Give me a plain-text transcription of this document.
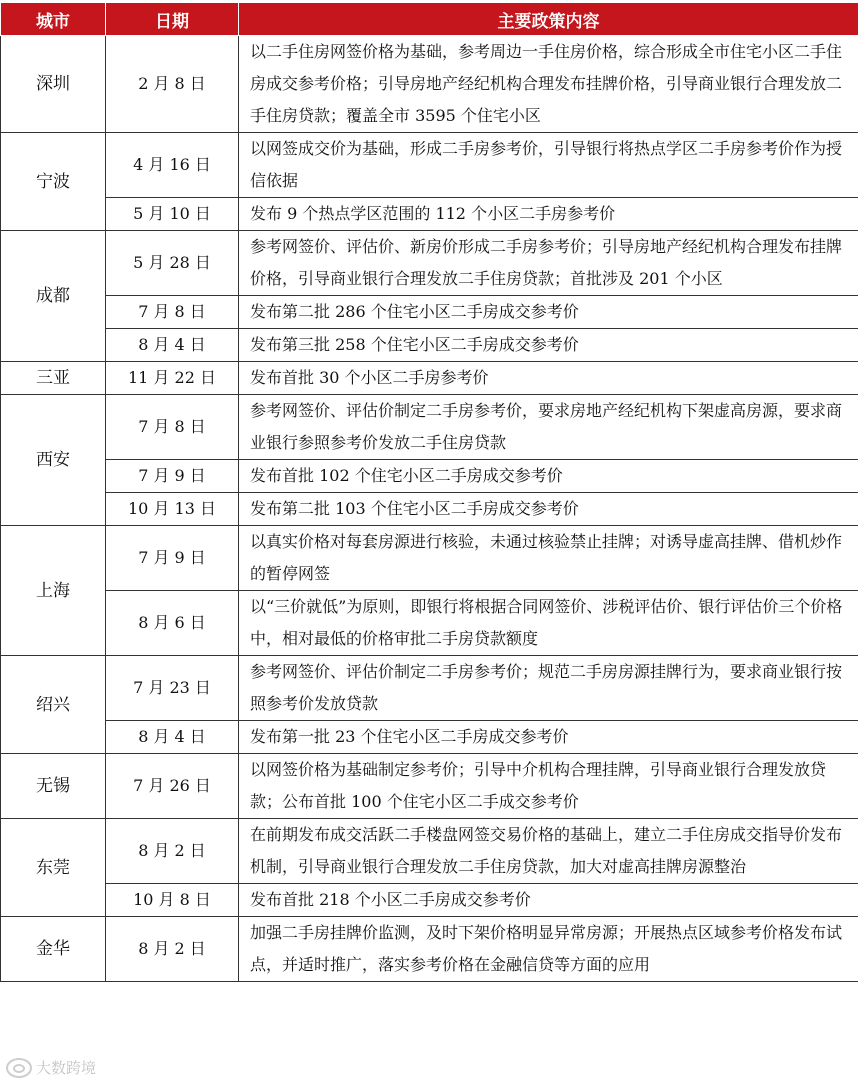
城市	日期	主要政策内容
深圳	2 月 8 日	以二手住房网签价格为基础，参考周边一手住房价格，综合形成全市住宅小区二手住房成交参考价格；引导房地产经纪机构合理发布挂牌价格，引导商业银行合理发放二手住房贷款；覆盖全市 3595 个住宅小区
宁波	4 月 16 日	以网签成交价为基础，形成二手房参考价，引导银行将热点学区二手房参考价作为授信依据
	5 月 10 日	发布 9 个热点学区范围的 112 个小区二手房参考价
成都	5 月 28 日	参考网签价、评估价、新房价形成二手房参考价；引导房地产经纪机构合理发布挂牌价格，引导商业银行合理发放二手住房贷款；首批涉及 201 个小区
	7 月 8 日	发布第二批 286 个住宅小区二手房成交参考价
	8 月 4 日	发布第三批 258 个住宅小区二手房成交参考价
三亚	11 月 22 日	发布首批 30 个小区二手房参考价
西安	7 月 8 日	参考网签价、评估价制定二手房参考价，要求房地产经纪机构下架虚高房源，要求商业银行参照参考价发放二手住房贷款
	7 月 9 日	发布首批 102 个住宅小区二手房成交参考价
	10 月 13 日	发布第二批 103 个住宅小区二手房成交参考价
上海	7 月 9 日	以真实价格对每套房源进行核验，未通过核验禁止挂牌；对诱导虚高挂牌、借机炒作的暂停网签
	8 月 6 日	以“三价就低”为原则，即银行将根据合同网签价、涉税评估价、银行评估价三个价格中，相对最低的价格审批二手房贷款额度
绍兴	7 月 23 日	参考网签价、评估价制定二手房参考价；规范二手房房源挂牌行为，要求商业银行按照参考价发放贷款
	8 月 4 日	发布第一批 23 个住宅小区二手房成交参考价
无锡	7 月 26 日	以网签价格为基础制定参考价；引导中介机构合理挂牌，引导商业银行合理发放贷款；公布首批 100 个住宅小区二手成交参考价
东莞	8 月 2 日	在前期发布成交活跃二手楼盘网签交易价格的基础上，建立二手住房成交指导价发布机制，引导商业银行合理发放二手住房贷款，加大对虚高挂牌房源整治
	10 月 8 日	发布首批 218 个小区二手房成交参考价
金华	8 月 2 日	加强二手房挂牌价监测，及时下架价格明显异常房源；开展热点区域参考价格发布试点，并适时推广，落实参考价格在金融信贷等方面的应用
大数跨境
